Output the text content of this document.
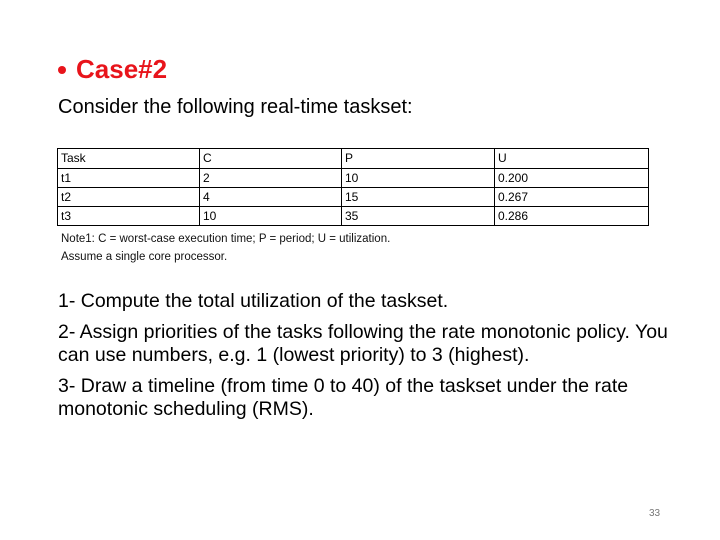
Case#2
Consider the following real-time taskset:
Task	C	P	U
t1	2	10	0.200
t2	4	15	0.267
t3	10	35	0.286
Note1: C = worst-case execution time; P = period; U = utilization.
Assume a single core processor.
1- Compute the total utilization of the taskset.
2- Assign priorities of the tasks following the rate monotonic policy. You can use numbers, e.g. 1 (lowest priority) to 3 (highest).
3- Draw a timeline (from time 0 to 40) of the taskset under the rate monotonic scheduling (RMS).
33
